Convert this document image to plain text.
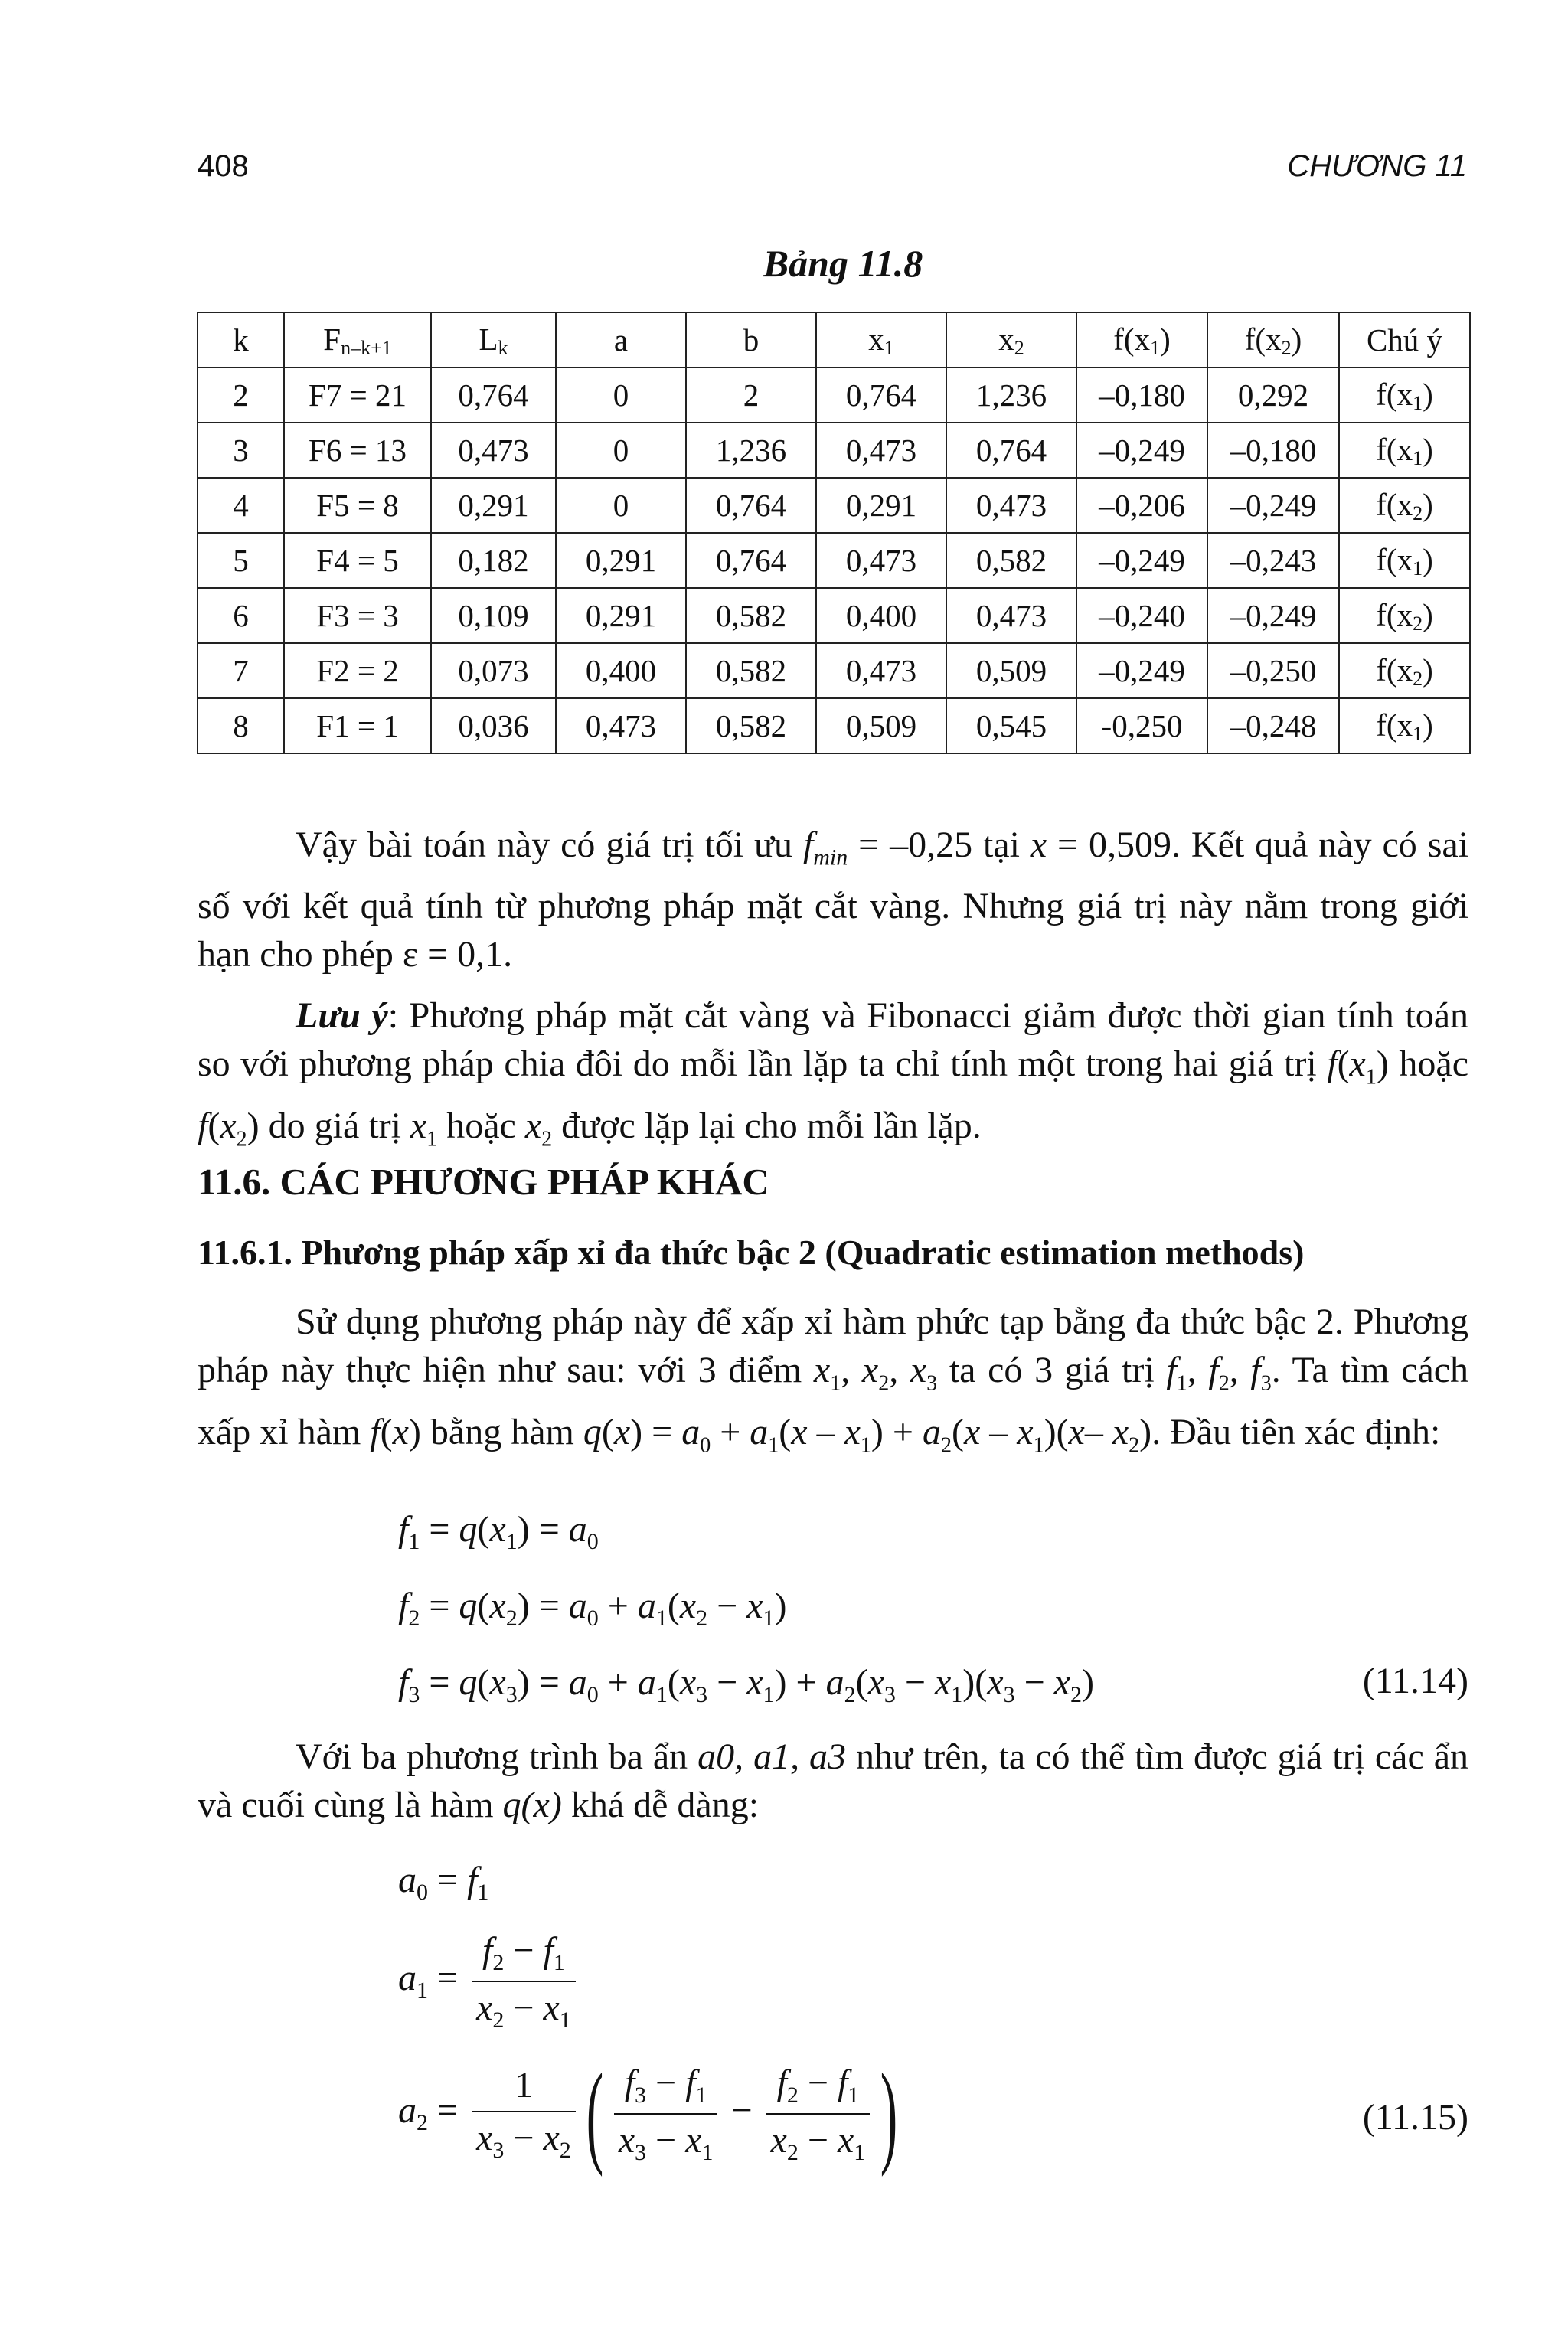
408	CHƯƠNG 11
Bảng 11.8
k	$F_{n-k+1}$	$L_k$	a	b	$x_1$	$x_2$	$f(x_1)$	$f(x_2)$	Chú ý
2	F7 = 21	0,764	0	2	0,764	1,236	–0,180	0,292	$f(x_1)$
3	F6 = 13	0,473	0	1,236	0,473	0,764	–0,249	–0,180	$f(x_1)$
4	F5 = 8	0,291	0	0,764	0,291	0,473	–0,206	–0,249	$f(x_2)$
5	F4 = 5	0,182	0,291	0,764	0,473	0,582	–0,249	–0,243	$f(x_1)$
6	F3 = 3	0,109	0,291	0,582	0,400	0,473	–0,240	–0,249	$f(x_2)$
7	F2 = 2	0,073	0,400	0,582	0,473	0,509	–0,249	–0,250	$f(x_2)$
8	F1 = 1	0,036	0,473	0,582	0,509	0,545	-0,250	–0,248	$f(x_1)$

Vậy bài toán này có giá trị tối ưu $f_{min} = -0,25$ tại x = 0,509. Kết quả này có sai số với kết quả tính từ phương pháp mặt cắt vàng. Nhưng giá trị này nằm trong giới hạn cho phép ε = 0,1.

Lưu ý: Phương pháp mặt cắt vàng và Fibonacci giảm được thời gian tính toán so với phương pháp chia đôi do mỗi lần lặp ta chỉ tính một trong hai giá trị $f(x_1)$ hoặc $f(x_2)$ do giá trị $x_1$ hoặc $x_2$ được lặp lại cho mỗi lần lặp.

11.6. CÁC PHƯƠNG PHÁP KHÁC
11.6.1. Phương pháp xấp xỉ đa thức bậc 2 (Quadratic estimation methods)

Sử dụng phương pháp này để xấp xỉ hàm phức tạp bằng đa thức bậc 2. Phương pháp này thực hiện như sau: với 3 điểm $x_1$, $x_2$, $x_3$ ta có 3 giá trị $f_1$, $f_2$, $f_3$. Ta tìm cách xấp xỉ hàm f(x) bằng hàm $q(x) = a_0 + a_1(x - x_1) + a_2(x - x_1)(x-$ $x_2$). Đầu tiên xác định:

$f_1 = q(x_1) = a_0$
$f_2 = q(x_2) = a_0 + a_1(x_2 - x_1)$
$f_3 = q(x_3) = a_0 + a_1(x_3 - x_1) + a_2(x_3 - x_1)(x_3 - x_2)$	(11.14)

Với ba phương trình ba ẩn a0, a1, a3 như trên, ta có thể tìm được giá trị các ẩn và cuối cùng là hàm q(x) khá dễ dàng:

$a_0 = f_1$
$a_1 = \frac{f_2 - f_1}{x_2 - x_1}$
$a_2 = \frac{1}{x_3 - x_2}$ ( $\frac{f_3 - f_1}{x_3 - x_1} - \frac{f_2 - f_1}{x_2 - x_1}$ )	(11.15)
